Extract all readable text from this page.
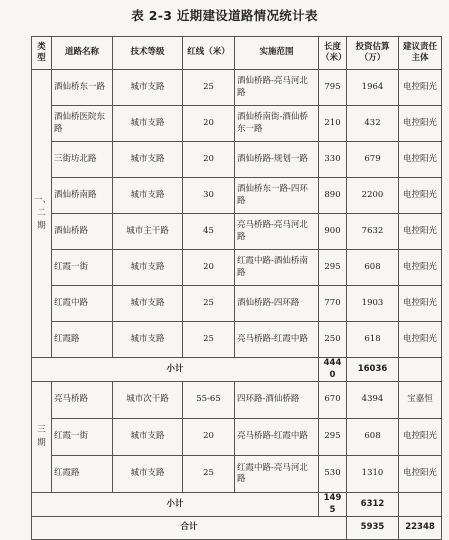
表 2-3 近期建设道路情况统计表
类型	道路名称	技术等级	红线（米）	实施范围	长度（米）	投资估算（万）	建议责任主体	
一、二期	酒仙桥东一路	城市支路	25	酒仙桥路-亮马河北路	795	1964	电控阳光	
	酒仙桥医院东路	城市支路	20	酒仙桥南街-酒仙桥东一路	210	432	电控阳光	
	三街坊北路	城市支路	20	酒仙桥路-规划一路	330	679	电控阳光	
	酒仙桥南路	城市支路	30	酒仙桥东一路-四环路	890	2200	电控阳光	
	酒仙桥路	城市主干路	45	亮马桥路-亮马河北路	900	7632	电控阳光	
	红霞一街	城市支路	20	红霞中路-酒仙桥南路	295	608	电控阳光	
	红霞中路	城市支路	25	酒仙桥路-四环路	770	1903	电控阳光	
	红霞路	城市支路	25	亮马桥路-红霞中路	250	618	电控阳光	
小计					4440	16036		
三期	亮马桥路	城市次干路	55-65	四环路-酒仙桥路	670	4394	宝嘉恒	
	红霞一街	城市支路	20	亮马桥路-红霞中路	295	608	电控阳光	
	红霞路	城市支路	25	红霞中路-亮马河北路	530	1310	电控阳光	
小计					1495	6312		
合计						5935	22348	
